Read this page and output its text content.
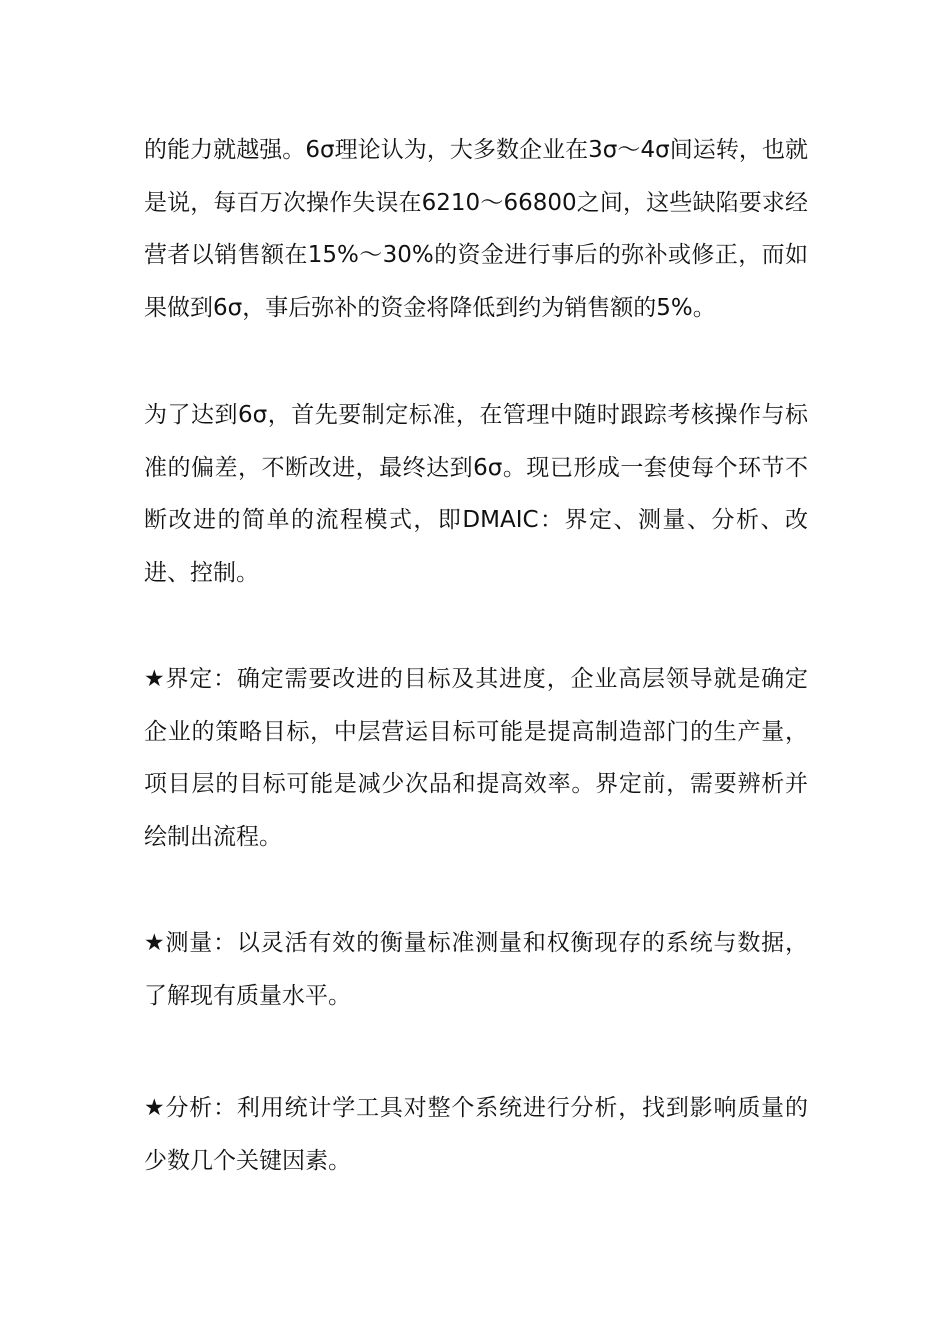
的能力就越强。6σ理论认为，大多数企业在3σ～4σ间运转，也就是说，每百万次操作失误在6210～66800之间，这些缺陷要求经营者以销售额在15%～30%的资金进行事后的弥补或修正，而如果做到6σ，事后弥补的资金将降低到约为销售额的5%。

为了达到6σ，首先要制定标准，在管理中随时跟踪考核操作与标准的偏差，不断改进，最终达到6σ。现已形成一套使每个环节不断改进的简单的流程模式，即DMAIC：界定、测量、分析、改进、控制。

★界定：确定需要改进的目标及其进度，企业高层领导就是确定企业的策略目标，中层营运目标可能是提高制造部门的生产量，项目层的目标可能是减少次品和提高效率。界定前，需要辨析并绘制出流程。

★测量：以灵活有效的衡量标准测量和权衡现存的系统与数据，了解现有质量水平。

★分析：利用统计学工具对整个系统进行分析，找到影响质量的少数几个关键因素。
